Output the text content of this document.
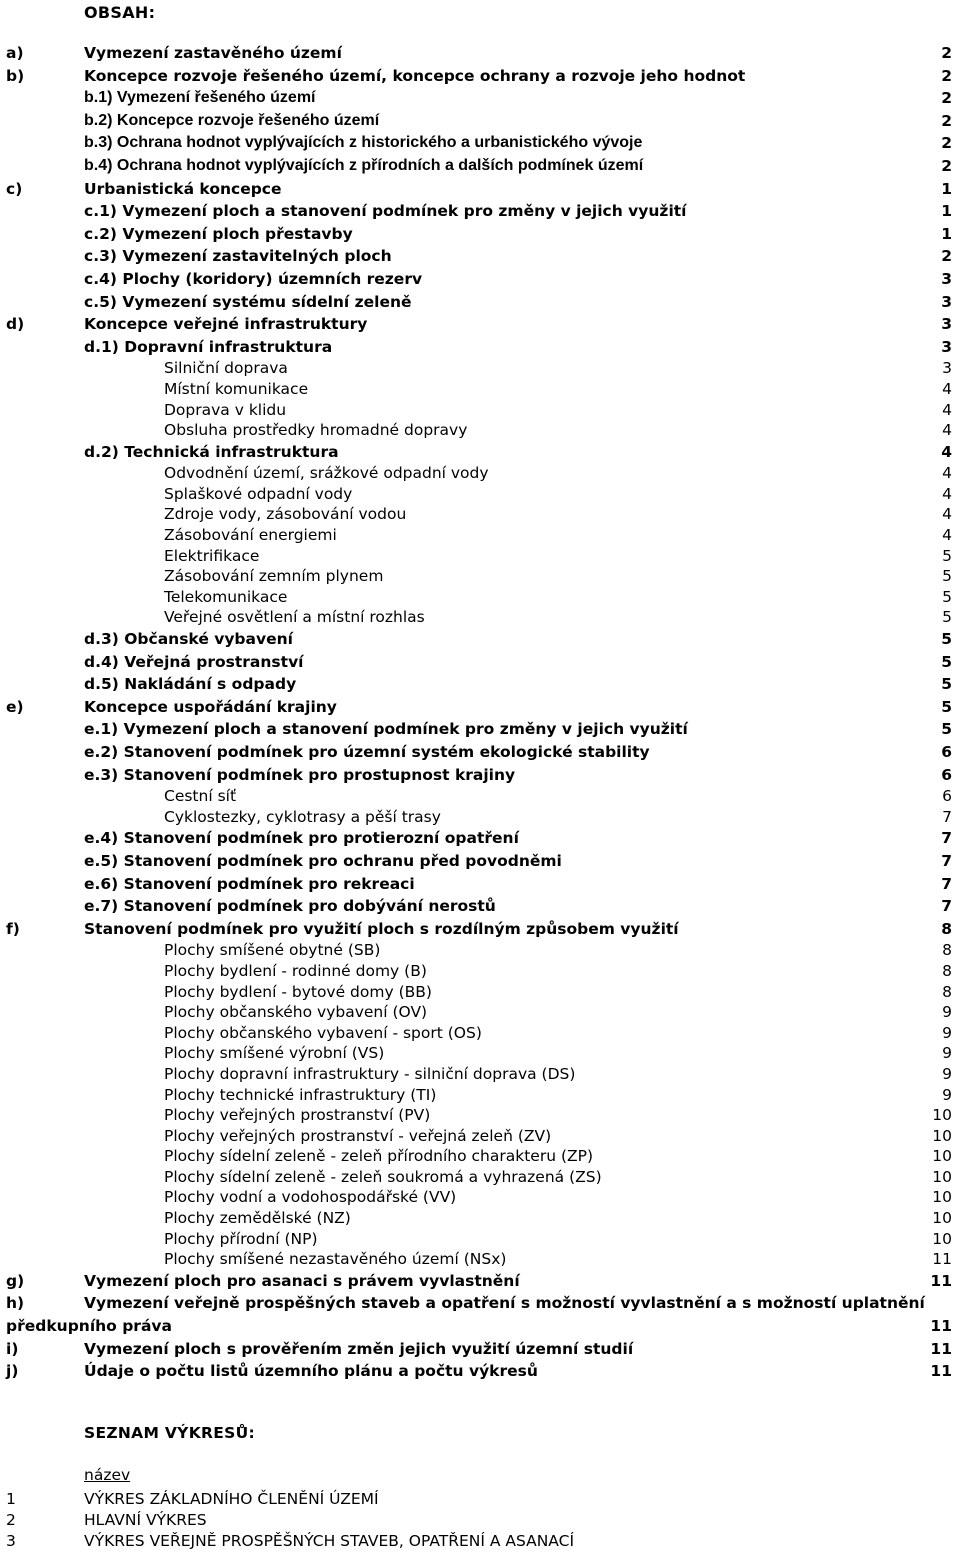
OBSAH:
a)	Vymezení zastavěného území	2
b)	Koncepce rozvoje řešeného území, koncepce ochrany a rozvoje jeho hodnot	2
b.1) Vymezení řešeného území	2
b.2) Koncepce rozvoje řešeného území	2
b.3) Ochrana hodnot vyplývajících z historického a urbanistického vývoje	2
b.4) Ochrana hodnot vyplývajících z přírodních a dalších podmínek území	2
c)	Urbanistická koncepce	1
c.1) Vymezení ploch a stanovení podmínek pro změny v jejich využití	1
c.2) Vymezení ploch přestavby	1
c.3) Vymezení zastavitelných ploch	2
c.4) Plochy (koridory) územních rezerv	3
c.5) Vymezení systému sídelní zeleně	3
d)	Koncepce veřejné infrastruktury	3
d.1) Dopravní infrastruktura	3
Silniční doprava	3
Místní komunikace	4
Doprava v klidu	4
Obsluha prostředky hromadné dopravy	4
d.2) Technická infrastruktura	4
Odvodnění území, srážkové odpadní vody	4
Splaškové odpadní vody	4
Zdroje vody, zásobování vodou	4
Zásobování energiemi	4
Elektrifikace	5
Zásobování zemním plynem	5
Telekomunikace	5
Veřejné osvětlení a místní rozhlas	5
d.3) Občanské vybavení	5
d.4) Veřejná prostranství	5
d.5) Nakládání s odpady	5
e)	Koncepce uspořádání krajiny	5
e.1) Vymezení ploch a stanovení podmínek pro změny v jejich využití	5
e.2) Stanovení podmínek pro územní systém ekologické stability	6
e.3) Stanovení podmínek pro prostupnost krajiny	6
Cestní síť	6
Cyklostezky, cyklotrasy a pěší trasy	7
e.4) Stanovení podmínek pro protierozní opatření	7
e.5) Stanovení podmínek pro ochranu před povodněmi	7
e.6) Stanovení podmínek pro rekreaci	7
e.7) Stanovení podmínek pro dobývání nerostů	7
f)	Stanovení podmínek pro využití ploch s rozdílným způsobem využití	8
Plochy smíšené obytné (SB)	8
Plochy bydlení - rodinné domy (B)	8
Plochy bydlení - bytové domy (BB)	8
Plochy občanského vybavení (OV)	9
Plochy občanského vybavení - sport (OS)	9
Plochy smíšené výrobní (VS)	9
Plochy dopravní infrastruktury - silniční doprava (DS)	9
Plochy technické infrastruktury (TI)	9
Plochy veřejných prostranství (PV)	10
Plochy veřejných prostranství - veřejná zeleň (ZV)	10
Plochy sídelní zeleně - zeleň přírodního charakteru (ZP)	10
Plochy sídelní zeleně - zeleň soukromá a vyhrazená (ZS)	10
Plochy vodní a vodohospodářské (VV)	10
Plochy zemědělské (NZ)	10
Plochy přírodní (NP)	10
Plochy smíšené nezastavěného území (NSx)	11
g)	Vymezení ploch pro asanaci s právem vyvlastnění	11
h)	Vymezení veřejně prospěšných staveb a opatření s možností vyvlastnění a s možností uplatnění
předkupního práva	11
i)	Vymezení ploch s prověřením změn jejich využití územní studií	11
j)	Údaje o počtu listů územního plánu a počtu výkresů	11
SEZNAM VÝKRESŮ:
název
1	VÝKRES ZÁKLADNÍHO ČLENĚNÍ ÚZEMÍ
2	HLAVNÍ VÝKRES
3	VÝKRES VEŘEJNĚ PROSPĚŠNÝCH STAVEB, OPATŘENÍ A ASANACÍ
